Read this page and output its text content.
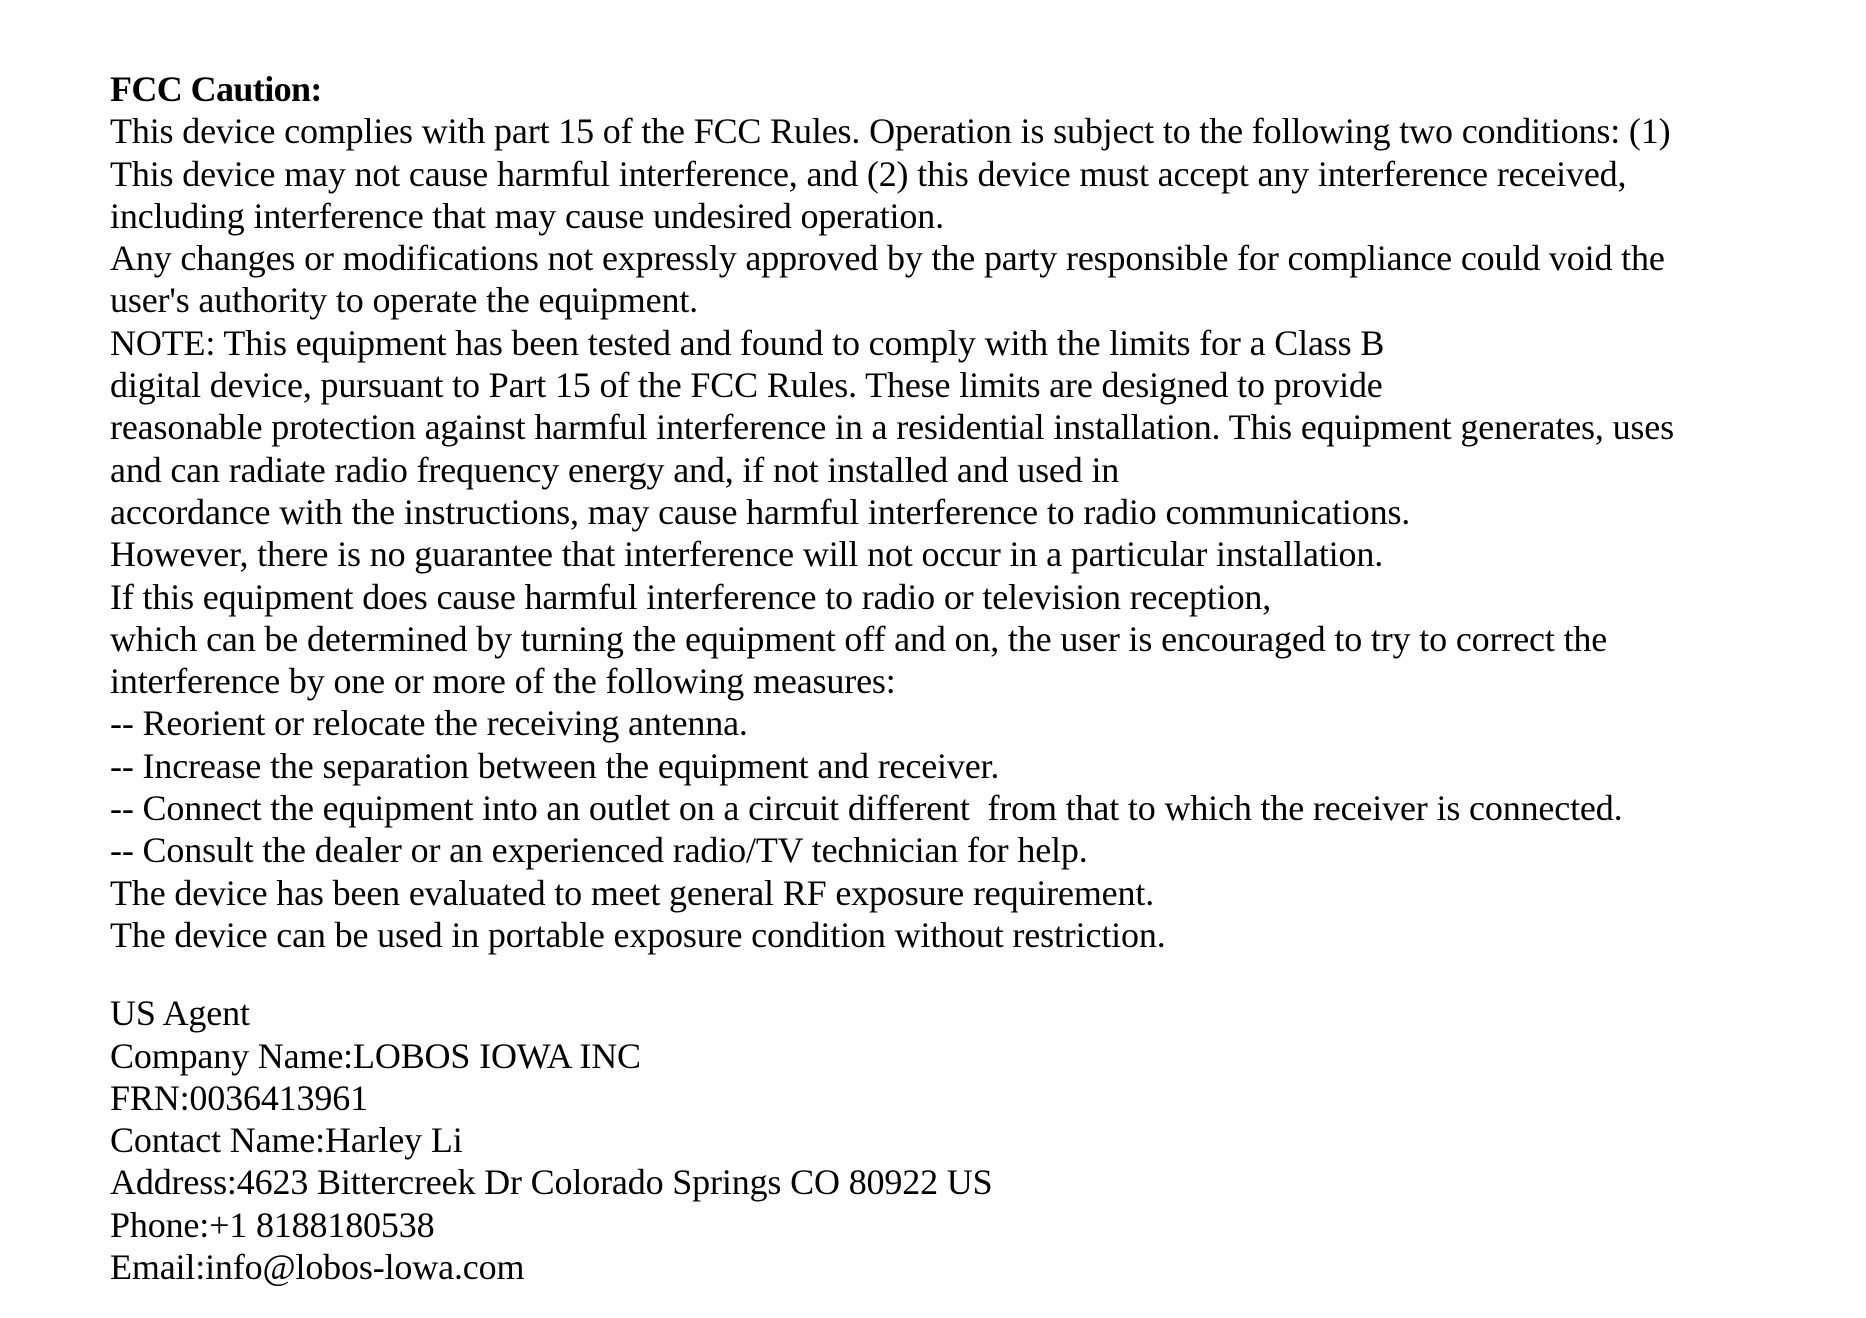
FCC Caution:
This device complies with part 15 of the FCC Rules. Operation is subject to the following two conditions: (1)
This device may not cause harmful interference, and (2) this device must accept any interference received,
including interference that may cause undesired operation.
Any changes or modifications not expressly approved by the party responsible for compliance could void the
user's authority to operate the equipment.
NOTE: This equipment has been tested and found to comply with the limits for a Class B
digital device, pursuant to Part 15 of the FCC Rules. These limits are designed to provide
reasonable protection against harmful interference in a residential installation. This equipment generates, uses
and can radiate radio frequency energy and, if not installed and used in
accordance with the instructions, may cause harmful interference to radio communications.
However, there is no guarantee that interference will not occur in a particular installation.
If this equipment does cause harmful interference to radio or television reception,
which can be determined by turning the equipment off and on, the user is encouraged to try to correct the
interference by one or more of the following measures:
-- Reorient or relocate the receiving antenna.
-- Increase the separation between the equipment and receiver.
-- Connect the equipment into an outlet on a circuit different  from that to which the receiver is connected.
-- Consult the dealer or an experienced radio/TV technician for help.
The device has been evaluated to meet general RF exposure requirement.
The device can be used in portable exposure condition without restriction.
US Agent
Company Name:LOBOS IOWA INC
FRN:0036413961
Contact Name:Harley Li
Address:4623 Bittercreek Dr Colorado Springs CO 80922 US
Phone:+1 8188180538
Email:info@lobos-lowa.com
